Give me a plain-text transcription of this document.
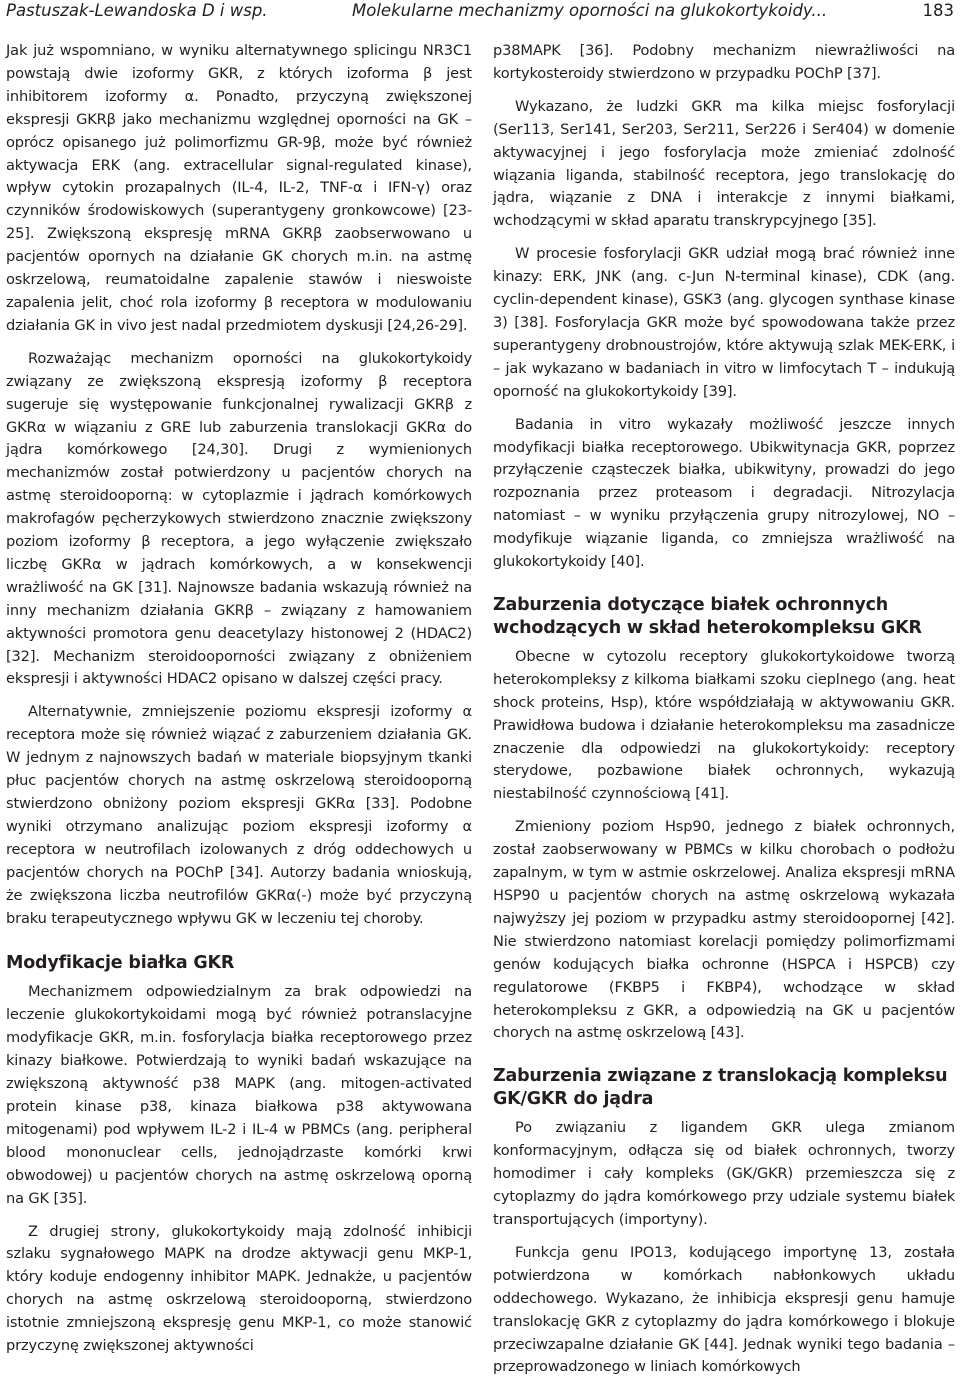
Pastuszak-Lewandoska D i wsp.	Molekularne mechanizmy oporności na glukokortykoidy...	183

Jak już wspomniano, w wyniku alternatywnego splicingu NR3C1 powstają dwie izoformy GKR, z których izoforma β jest inhibitorem izoformy α. Ponadto, przyczyną zwiększonej ekspresji GKRβ jako mechanizmu względnej oporności na GK – oprócz opisanego już polimorfizmu GR-9β, może być również aktywacja ERK (ang. extracellular signal-regulated kinase), wpływ cytokin prozapalnych (IL-4, IL-2, TNF-α i IFN-γ) oraz czynników środowiskowych (superantygeny gronkowcowe) [23-25]. Zwiększoną ekspresję mRNA GKRβ zaobserwowano u pacjentów opornych na działanie GK chorych m.in. na astmę oskrzelową, reumatoidalne zapalenie stawów i nieswoiste zapalenia jelit, choć rola izoformy β receptora w modulowaniu działania GK in vivo jest nadal przedmiotem dyskusji [24,26-29].

Rozważając mechanizm oporności na glukokortykoidy związany ze zwiększoną ekspresją izoformy β receptora sugeruje się występowanie funkcjonalnej rywalizacji GKRβ z GKRα w wiązaniu z GRE lub zaburzenia translokacji GKRα do jądra komórkowego [24,30]. Drugi z wymienionych mechanizmów został potwierdzony u pacjentów chorych na astmę steroidooporną: w cytoplazmie i jądrach komórkowych makrofagów pęcherzykowych stwierdzono znacznie zwiększony poziom izoformy β receptora, a jego wyłączenie zwiększało liczbę GKRα w jądrach komórkowych, a w konsekwencji wrażliwość na GK [31]. Najnowsze badania wskazują również na inny mechanizm działania GKRβ – związany z hamowaniem aktywności promotora genu deacetylazy histonowej 2 (HDAC2) [32]. Mechanizm steroidooporności związany z obniżeniem ekspresji i aktywności HDAC2 opisano w dalszej części pracy.

Alternatywnie, zmniejszenie poziomu ekspresji izoformy α receptora może się również wiązać z zaburzeniem działania GK. W jednym z najnowszych badań w materiale biopsyjnym tkanki płuc pacjentów chorych na astmę oskrzelową steroidooporną stwierdzono obniżony poziom ekspresji GKRα [33]. Podobne wyniki otrzymano analizując poziom ekspresji izoformy α receptora w neutrofilach izolowanych z dróg oddechowych u pacjentów chorych na POChP [34]. Autorzy badania wnioskują, że zwiększona liczba neutrofilów GKRα(-) może być przyczyną braku terapeutycznego wpływu GK w leczeniu tej choroby.

Modyfikacje białka GKR

Mechanizmem odpowiedzialnym za brak odpowiedzi na leczenie glukokortykoidami mogą być również potranslacyjne modyfikacje GKR, m.in. fosforylacja białka receptorowego przez kinazy białkowe. Potwierdzają to wyniki badań wskazujące na zwiększoną aktywność p38 MAPK (ang. mitogen-activated protein kinase p38, kinaza białkowa p38 aktywowana mitogenami) pod wpływem IL-2 i IL-4 w PBMCs (ang. peripheral blood mononuclear cells, jednojądrzaste komórki krwi obwodowej) u pacjentów chorych na astmę oskrzelową oporną na GK [35].

Z drugiej strony, glukokortykoidy mają zdolność inhibicji szlaku sygnałowego MAPK na drodze aktywacji genu MKP-1, który koduje endogenny inhibitor MAPK. Jednakże, u pacjentów chorych na astmę oskrzelową steroidooporną, stwierdzono istotnie zmniejszoną ekspresję genu MKP-1, co może stanowić przyczynę zwiększonej aktywności

p38MAPK [36]. Podobny mechanizm niewrażliwości na kortykosteroidy stwierdzono w przypadku POChP [37].

Wykazano, że ludzki GKR ma kilka miejsc fosforylacji (Ser113, Ser141, Ser203, Ser211, Ser226 i Ser404) w domenie aktywacyjnej i jego fosforylacja może zmieniać zdolność wiązania liganda, stabilność receptora, jego translokację do jądra, wiązanie z DNA i interakcje z innymi białkami, wchodzącymi w skład aparatu transkrypcyjnego [35].

W procesie fosforylacji GKR udział mogą brać również inne kinazy: ERK, JNK (ang. c-Jun N-terminal kinase), CDK (ang. cyclin-dependent kinase), GSK3 (ang. glycogen synthase kinase 3) [38]. Fosforylacja GKR może być spowodowana także przez superantygeny drobnoustrojów, które aktywują szlak MEK-ERK, i – jak wykazano w badaniach in vitro w limfocytach T – indukują oporność na glukokortykoidy [39].

Badania in vitro wykazały możliwość jeszcze innych modyfikacji białka receptorowego. Ubikwitynacja GKR, poprzez przyłączenie cząsteczek białka, ubikwityny, prowadzi do jego rozpoznania przez proteasom i degradacji. Nitrozylacja natomiast – w wyniku przyłączenia grupy nitrozylowej, NO – modyfikuje wiązanie liganda, co zmniejsza wrażliwość na glukokortykoidy [40].

Zaburzenia dotyczące białek ochronnych wchodzących w skład heterokompleksu GKR

Obecne w cytozolu receptory glukokortykoidowe tworzą heterokompleksy z kilkoma białkami szoku cieplnego (ang. heat shock proteins, Hsp), które współdziałają w aktywowaniu GKR. Prawidłowa budowa i działanie heterokompleksu ma zasadnicze znaczenie dla odpowiedzi na glukokortykoidy: receptory sterydowe, pozbawione białek ochronnych, wykazują niestabilność czynnościową [41].

Zmieniony poziom Hsp90, jednego z białek ochronnych, został zaobserwowany w PBMCs w kilku chorobach o podłożu zapalnym, w tym w astmie oskrzelowej. Analiza ekspresji mRNA HSP90 u pacjentów chorych na astmę oskrzelową wykazała najwyższy jej poziom w przypadku astmy steroidoopornej [42]. Nie stwierdzono natomiast korelacji pomiędzy polimorfizmami genów kodujących białka ochronne (HSPCA i HSPCB) czy regulatorowe (FKBP5 i FKBP4), wchodzące w skład heterokompleksu z GKR, a odpowiedzią na GK u pacjentów chorych na astmę oskrzelową [43].

Zaburzenia związane z translokacją kompleksu GK/GKR do jądra

Po związaniu z ligandem GKR ulega zmianom konformacyjnym, odłącza się od białek ochronnych, tworzy homodimer i cały kompleks (GK/GKR) przemieszcza się z cytoplazmy do jądra komórkowego przy udziale systemu białek transportujących (importyny).

Funkcja genu IPO13, kodującego importynę 13, została potwierdzona w komórkach nabłonkowych układu oddechowego. Wykazano, że inhibicja ekspresji genu hamuje translokację GKR z cytoplazmy do jądra komórkowego i blokuje przeciwzapalne działanie GK [44]. Jednak wyniki tego badania – przeprowadzonego w liniach komórkowych
